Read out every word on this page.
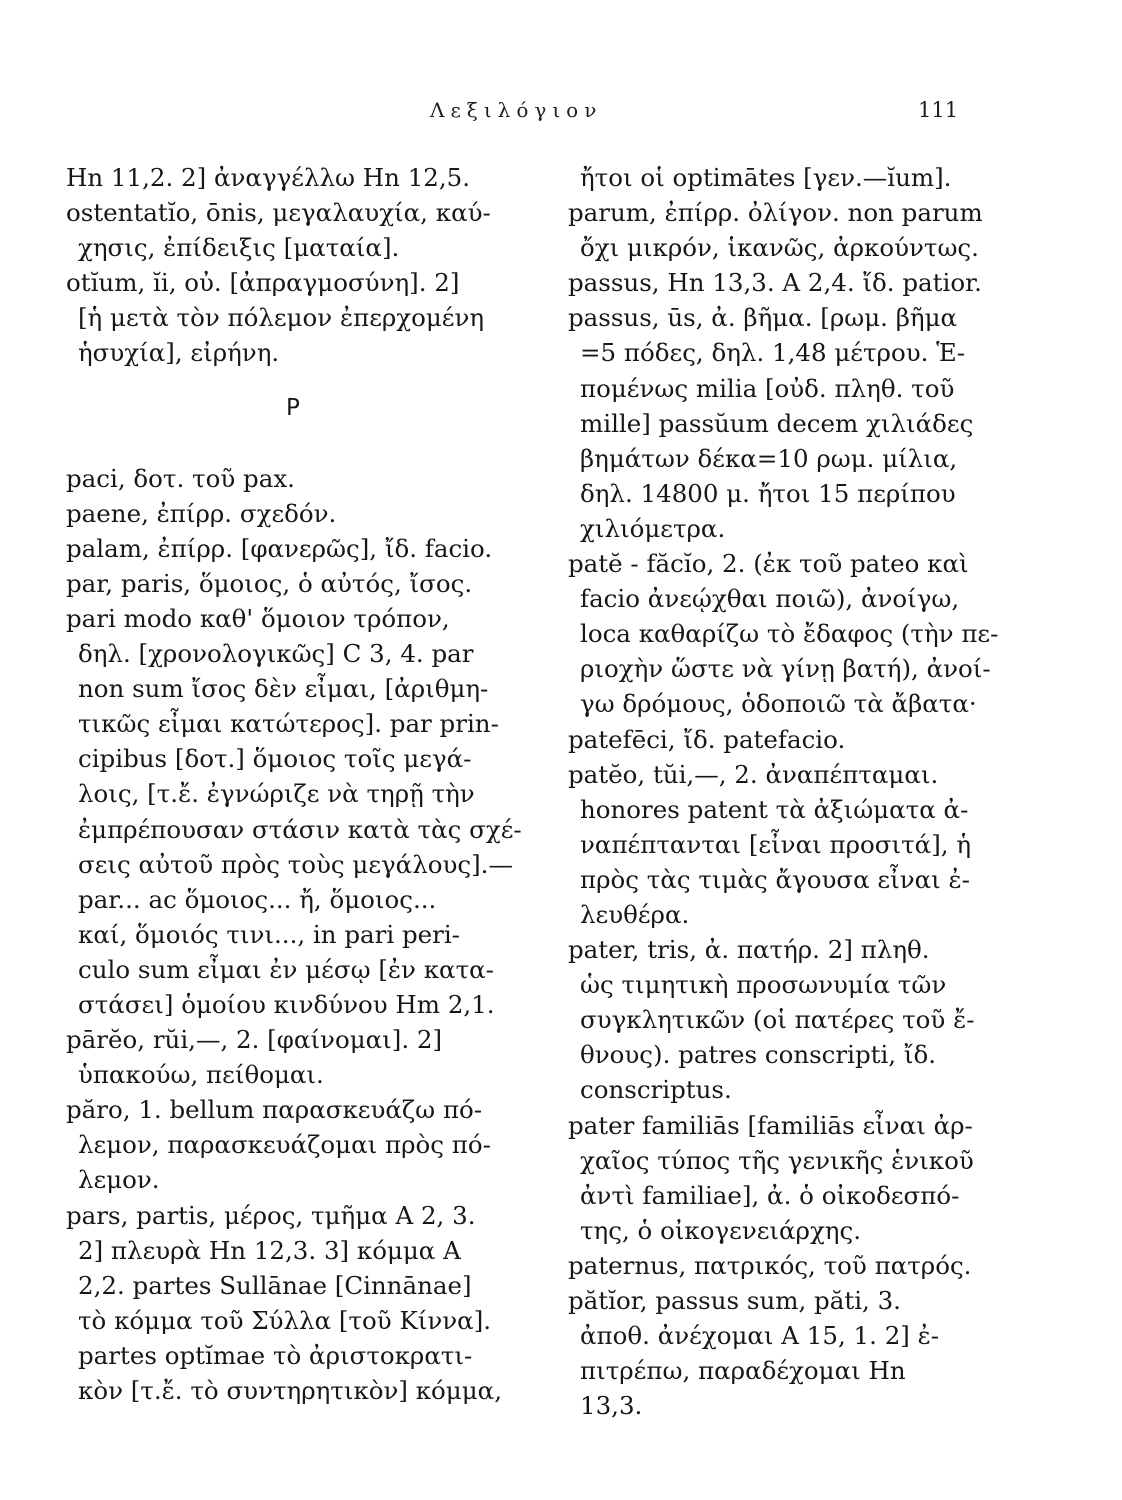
Λεξιλόγιον	111
Hn 11,2. 2] ἀναγγέλλω Hn 12,5.
ostentatĭo, ōnis, μεγαλαυχία, καύ-
χησις, ἐπίδειξις [ματαία].
otĭum, ĭi, οὐ. [ἀπραγμοσύνη]. 2]
[ἡ μετὰ τὸν πόλεμον ἐπερχομένη
ἡσυχία], εἰρήνη.
P
paci, δοτ. τοῦ pax.
paene, ἐπίρρ. σχεδόν.
palam, ἐπίρρ. [φανερῶς], ἴδ. facio.
par, paris, ὅμοιος, ὁ αὐτός, ἴσος.
pari modo καθ' ὅμοιον τρόπον,
δηλ. [χρονολογικῶς] C 3, 4. par
non sum ἴσος δὲν εἶμαι, [ἀριθμη-
τικῶς εἶμαι κατώτερος]. par prin-
cipibus [δοτ.] ὅμοιος τοῖς μεγά-
λοις, [τ.ἔ. ἐγνώριζε νὰ τηρῇ τὴν
ἐμπρέπουσαν στάσιν κατὰ τὰς σχέ-
σεις αὐτοῦ πρὸς τοὺς μεγάλους].—
par... ac ὅμοιος... ἤ, ὅμοιος...
καί, ὅμοιός τινι..., in pari peri-
culo sum εἶμαι ἐν μέσῳ [ἐν κατα-
στάσει] ὁμοίου κινδύνου Hm 2,1.
pārĕo, rŭi,—, 2. [φαίνομαι]. 2]
ὑπακούω, πείθομαι.
păro, 1. bellum παρασκευάζω πό-
λεμον, παρασκευάζομαι πρὸς πό-
λεμον.
pars, partis, μέρος, τμῆμα A 2, 3.
2] πλευρὰ Hn 12,3. 3] κόμμα A
2,2. partes Sullānae [Cinnānae]
τὸ κόμμα τοῦ Σύλλα [τοῦ Κίννα].
partes optĭmae τὸ ἀριστοκρατι-
κὸν [τ.ἔ. τὸ συντηρητικὸν] κόμμα,
ἤτοι οἱ optimātes [γεν.—ĭum].
parum, ἐπίρρ. ὀλίγον. non parum
ὄχι μικρόν, ἱκανῶς, ἀρκούντως.
passus, Hn 13,3. A 2,4. ἴδ. patior.
passus, ūs, ἀ. βῆμα. [ρωμ. βῆμα
=5 πόδες, δηλ. 1,48 μέτρου. Ἑ-
πομένως milia [οὐδ. πληθ. τοῦ
mille] passŭum decem χιλιάδες
βημάτων δέκα=10 ρωμ. μίλια,
δηλ. 14800 μ. ἤτοι 15 περίπου
χιλιόμετρα.
patĕ - făcĭo, 2. (ἐκ τοῦ pateo καὶ
facio ἀνεῴχθαι ποιῶ), ἀνοίγω,
loca καθαρίζω τὸ ἔδαφος (τὴν πε-
ριοχὴν ὥστε νὰ γίνῃ βατή), ἀνοί-
γω δρόμους, ὁδοποιῶ τὰ ἄβατα·
patefēci, ἴδ. patefacio.
patĕo, tŭi,—, 2. ἀναπέπταμαι.
honores patent τὰ ἀξιώματα ἀ-
ναπέπτανται [εἶναι προσιτά], ἡ
πρὸς τὰς τιμὰς ἄγουσα εἶναι ἐ-
λευθέρα.
pater, tris, ἀ. πατήρ. 2] πληθ.
ὡς τιμητικὴ προσωνυμία τῶν
συγκλητικῶν (οἱ πατέρες τοῦ ἔ-
θνους). patres conscripti, ἴδ.
conscriptus.
pater familiās [familiās εἶναι ἀρ-
χαῖος τύπος τῆς γενικῆς ἑνικοῦ
ἀντὶ familiae], ἀ. ὁ οἰκοδεσπό-
της, ὁ οἰκογενειάρχης.
paternus, πατρικός, τοῦ πατρός.
pătĭor, passus sum, păti, 3.
ἀποθ. ἀνέχομαι A 15, 1. 2] ἐ-
πιτρέπω, παραδέχομαι Hn
13,3.
